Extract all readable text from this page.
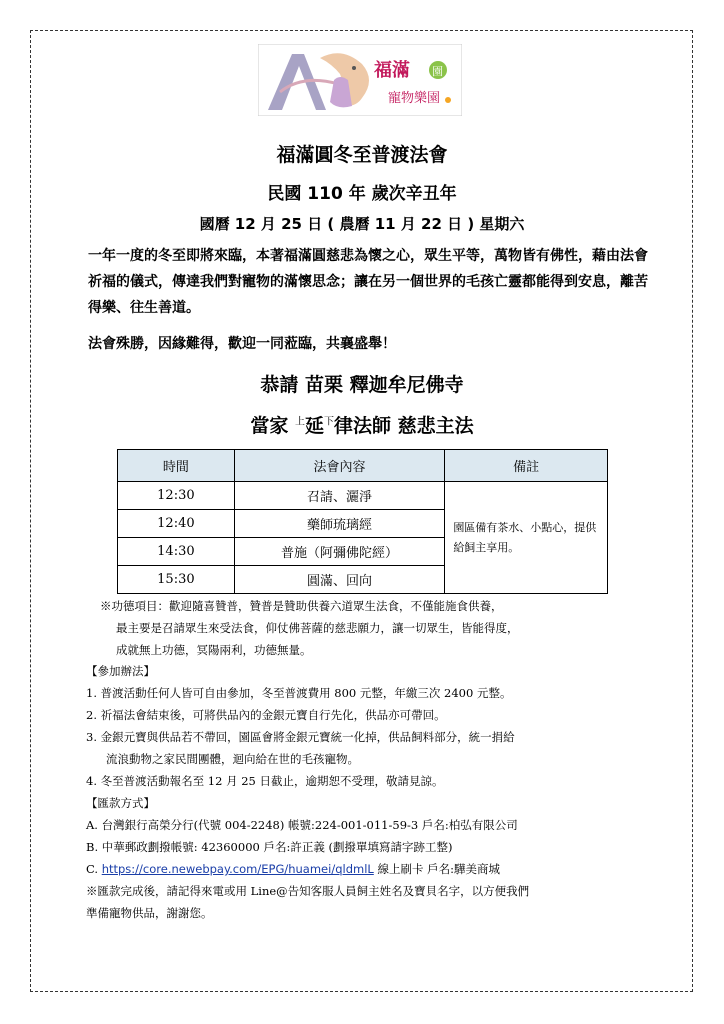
福滿 園
寵物樂園
福滿圓冬至普渡法會
民國 110 年 歲次辛丑年
國曆 12 月 25 日 ( 農曆 11 月 22 日 ) 星期六

一年一度的冬至即將來臨，本著福滿圓慈悲為懷之心，眾生平等，萬物皆有佛性，藉由法會祈福的儀式，傳達我們對寵物的滿懷思念；讓在另一個世界的毛孩亡靈都能得到安息，離苦得樂、往生善道。

法會殊勝，因緣難得，歡迎一同蒞臨，共襄盛舉！

恭請 苗栗 釋迦牟尼佛寺
當家 $^上$延$^下$律法師 慈悲主法
時間	法會內容	備註
12:30	召請、灑淨	園區備有茶水、小點心，提供給飼主享用。
12:40	藥師琉璃經	
14:30	普施（阿彌佛陀經）	
15:30	圓滿、回向	

※功德項目：歡迎隨喜贊普，贊普是贊助供養六道眾生法食，不僅能施食供養，

最主要是召請眾生來受法食，仰仗佛菩薩的慈悲願力，讓一切眾生，皆能得度，

成就無上功德，冥陽兩利，功德無量。

【參加辦法】

1. 普渡活動任何人皆可自由參加，冬至普渡費用 800 元整，年繳三次 2400 元整。

2. 祈福法會結束後，可將供品內的金銀元寶自行先化，供品亦可帶回。

3. 金銀元寶與供品若不帶回，園區會將金銀元寶統一化掉，供品飼料部分，統一捐給

流浪動物之家民間團體，迴向給在世的毛孩寵物。

4. 冬至普渡活動報名至 12 月 25 日截止，逾期恕不受理，敬請見諒。

【匯款方式】

A. 台灣銀行高榮分行(代號 004-2248) 帳號:224-001-011-59-3 戶名:柏弘有限公司

B. 中華郵政劃撥帳號: 42360000 戶名:許正義 (劃撥單填寫請字跡工整)

C. https://core.newebpay.com/EPG/huamei/qldmlL 線上刷卡 戶名:驊美商城

※匯款完成後，請記得來電或用 Line@告知客服人員飼主姓名及寶貝名字，以方便我們

準備寵物供品，謝謝您。
